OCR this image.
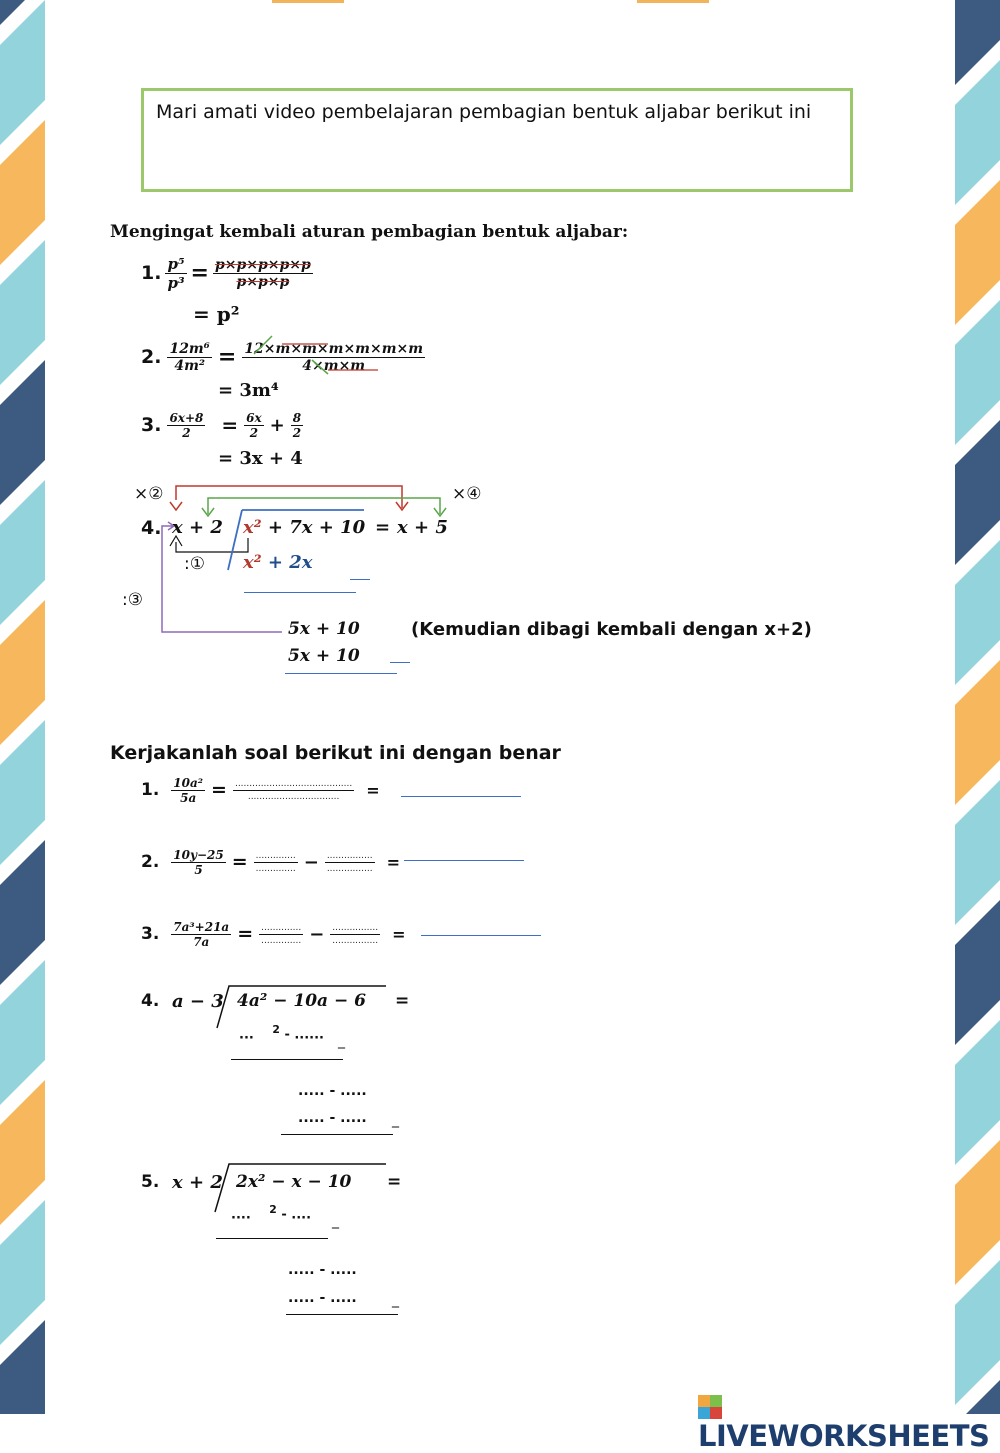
Mari amati video pembelajaran pembagian bentuk aljabar berikut ini
Mengingat kembali aturan pembagian bentuk aljabar:
1. $\frac{\text{p⁵}}{\text{p³}} = \frac{p\times p\times p\times p\times p}{p\times p\times p}$
= p²
2. $\frac{\text{12m⁶}}{\text{4m²}} = \frac{12\times m\times m\times m\times m\times m\times m}{4\times m\times m}$
= 3m⁴
3. $\frac{6x+8}{2} = \frac{6x}{2} + \frac{8}{2}$
= 3x + 4
×②	×④
4. x + 2 x² + 7x + 10 = x + 5
:① x² + 2x
:③
5x + 10	(Kemudian dibagi kembali dengan x+2)
5x + 10
Kerjakanlah soal berikut ini dengan benar
1. $\frac{\text{10a²}}{5a} = \frac{.........................................}{................................}$ =
2. $\frac{10y-25}{5} = \frac{..............}{..............} - \frac{................}{................}$ =
3. $\frac{\text{7a³+21a}}{7a} = \frac{..............}{..............} - \frac{................}{................}$ =
4. a − 3 4a² − 10a − 6 =
... $^2$ - ...... _
..... - .....
..... - ..... _
5. x + 2 2x² − x − 10 =
.... $^2$ - .... _
..... - .....
..... - .....	_
LIVEWORKSHEETS
